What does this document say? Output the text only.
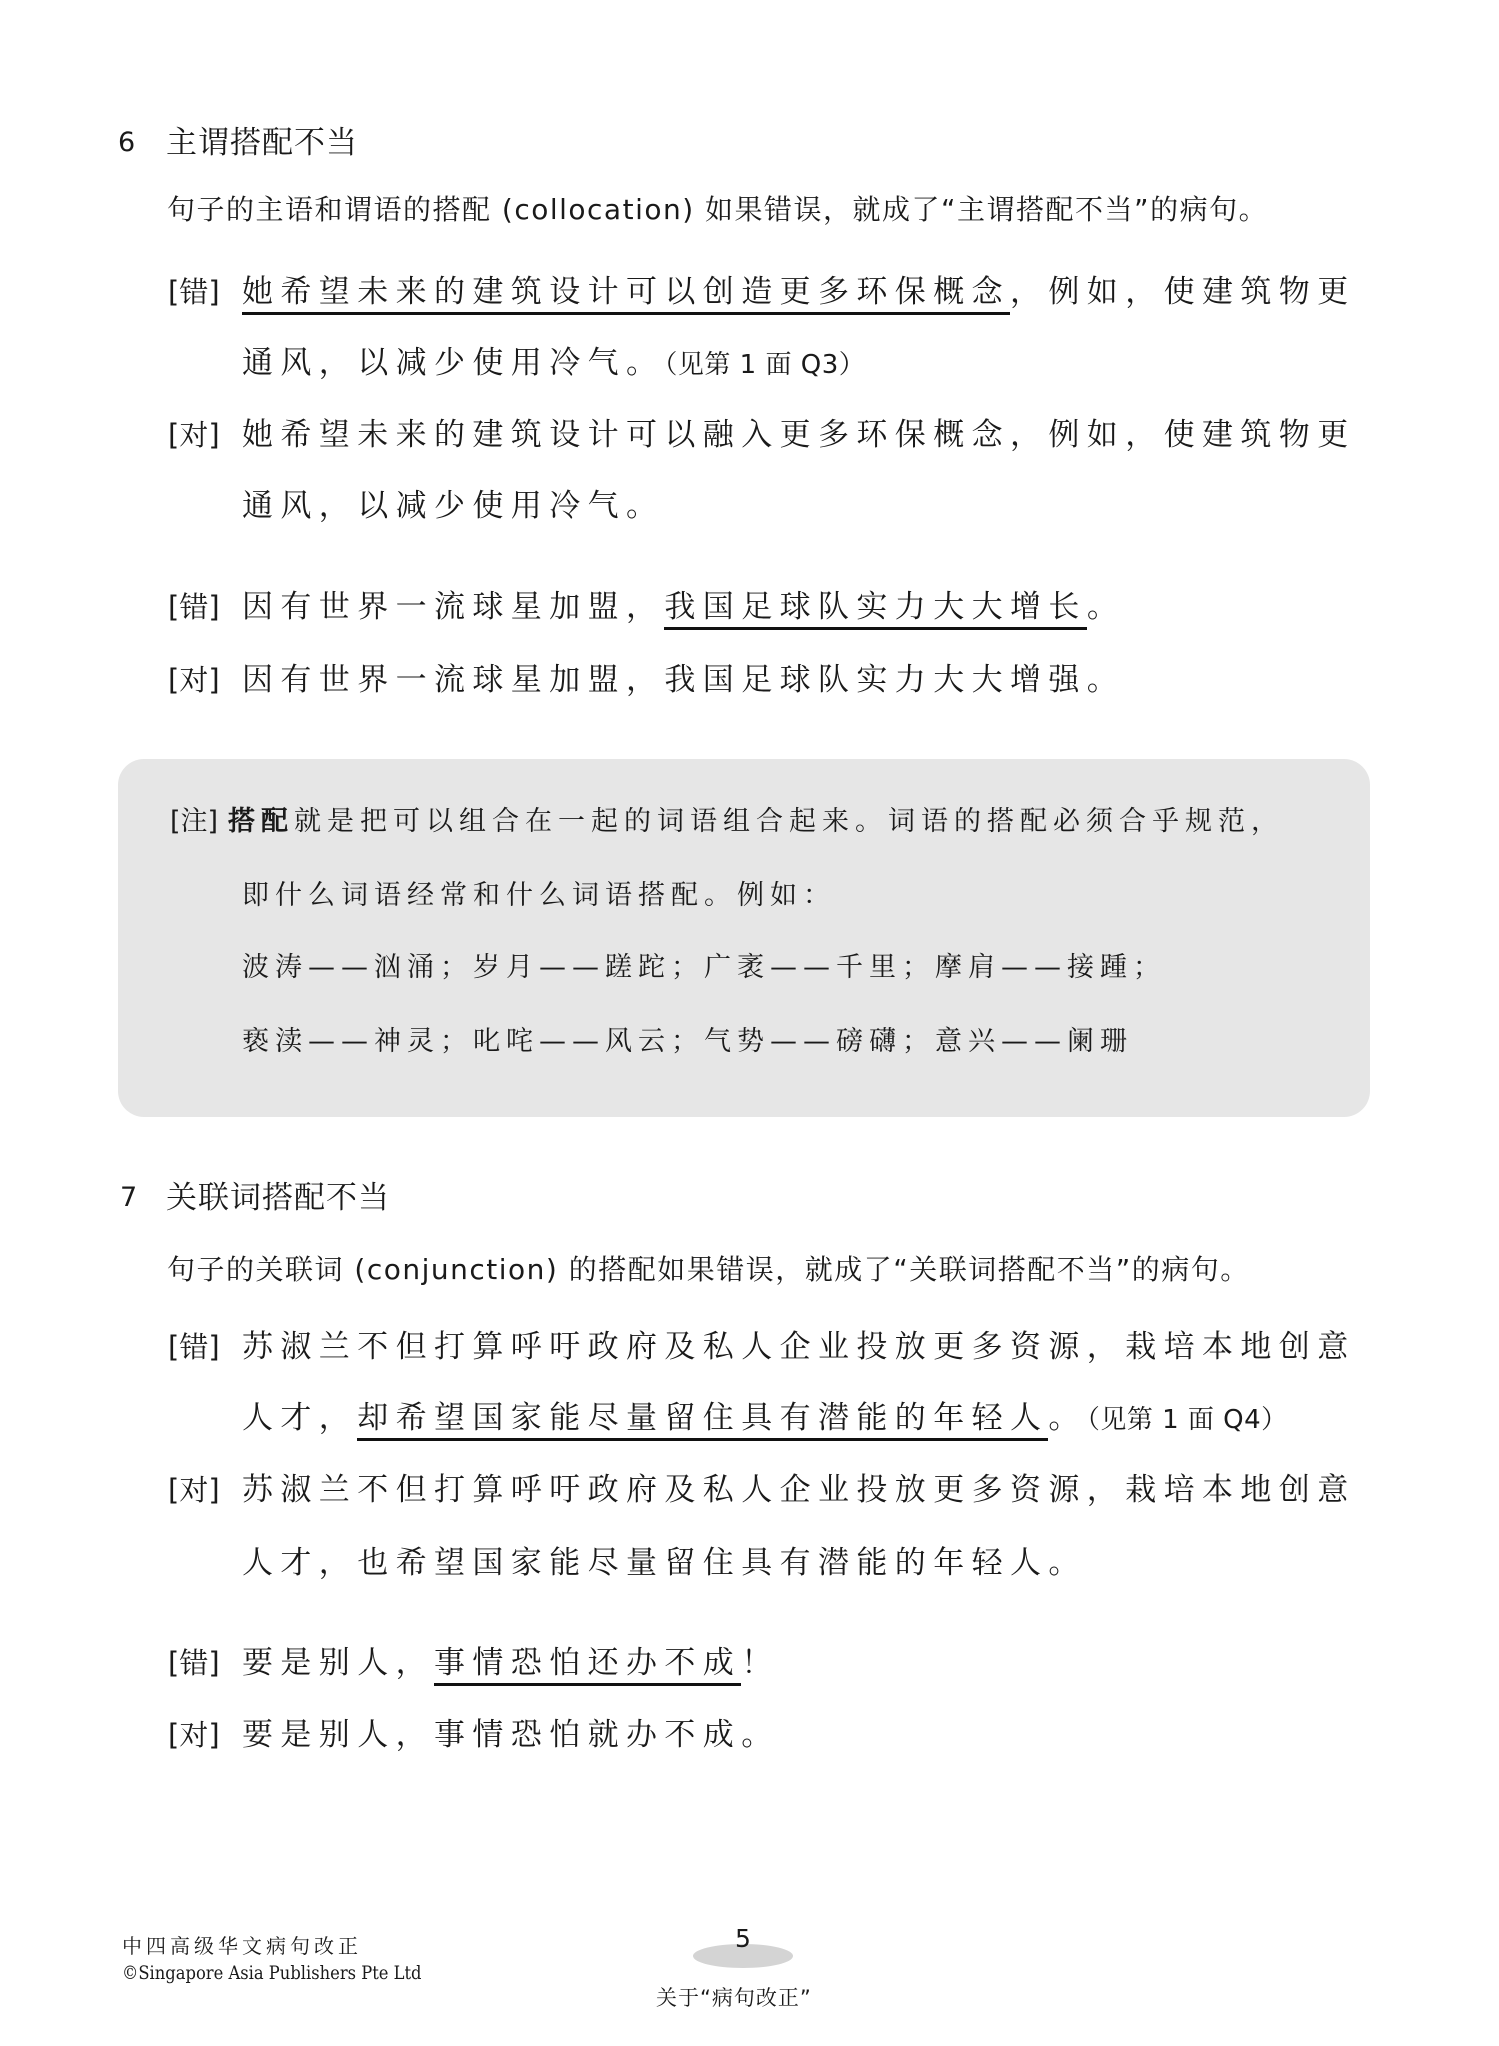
6 主谓搭配不当
句子的主语和谓语的搭配 (collocation) 如果错误，就成了“主谓搭配不当”的病句。
[错] 她希望未来的建筑设计可以创造更多环保概念，例如，使建筑物更
通风，以减少使用冷气。（见第 1 面 Q3）
[对] 她希望未来的建筑设计可以融入更多环保概念，例如，使建筑物更
通风，以减少使用冷气。
[错] 因有世界一流球星加盟，我国足球队实力大大增长。
[对] 因有世界一流球星加盟，我国足球队实力大大增强。
[注] 搭配就是把可以组合在一起的词语组合起来。词语的搭配必须合乎规范，
即什么词语经常和什么词语搭配。例如：
波涛——汹涌；岁月——蹉跎；广袤——千里；摩肩——接踵；
亵渎——神灵；叱咤——风云；气势——磅礴；意兴——阑珊
7 关联词搭配不当
句子的关联词 (conjunction) 的搭配如果错误，就成了“关联词搭配不当”的病句。
[错] 苏淑兰不但打算呼吁政府及私人企业投放更多资源，栽培本地创意
人才，却希望国家能尽量留住具有潜能的年轻人。（见第 1 面 Q4）
[对] 苏淑兰不但打算呼吁政府及私人企业投放更多资源，栽培本地创意
人才，也希望国家能尽量留住具有潜能的年轻人。
[错] 要是别人，事情恐怕还办不成！
[对] 要是别人，事情恐怕就办不成。
中四高级华文病句改正
©Singapore Asia Publishers Pte Ltd
5
关于“病句改正”
